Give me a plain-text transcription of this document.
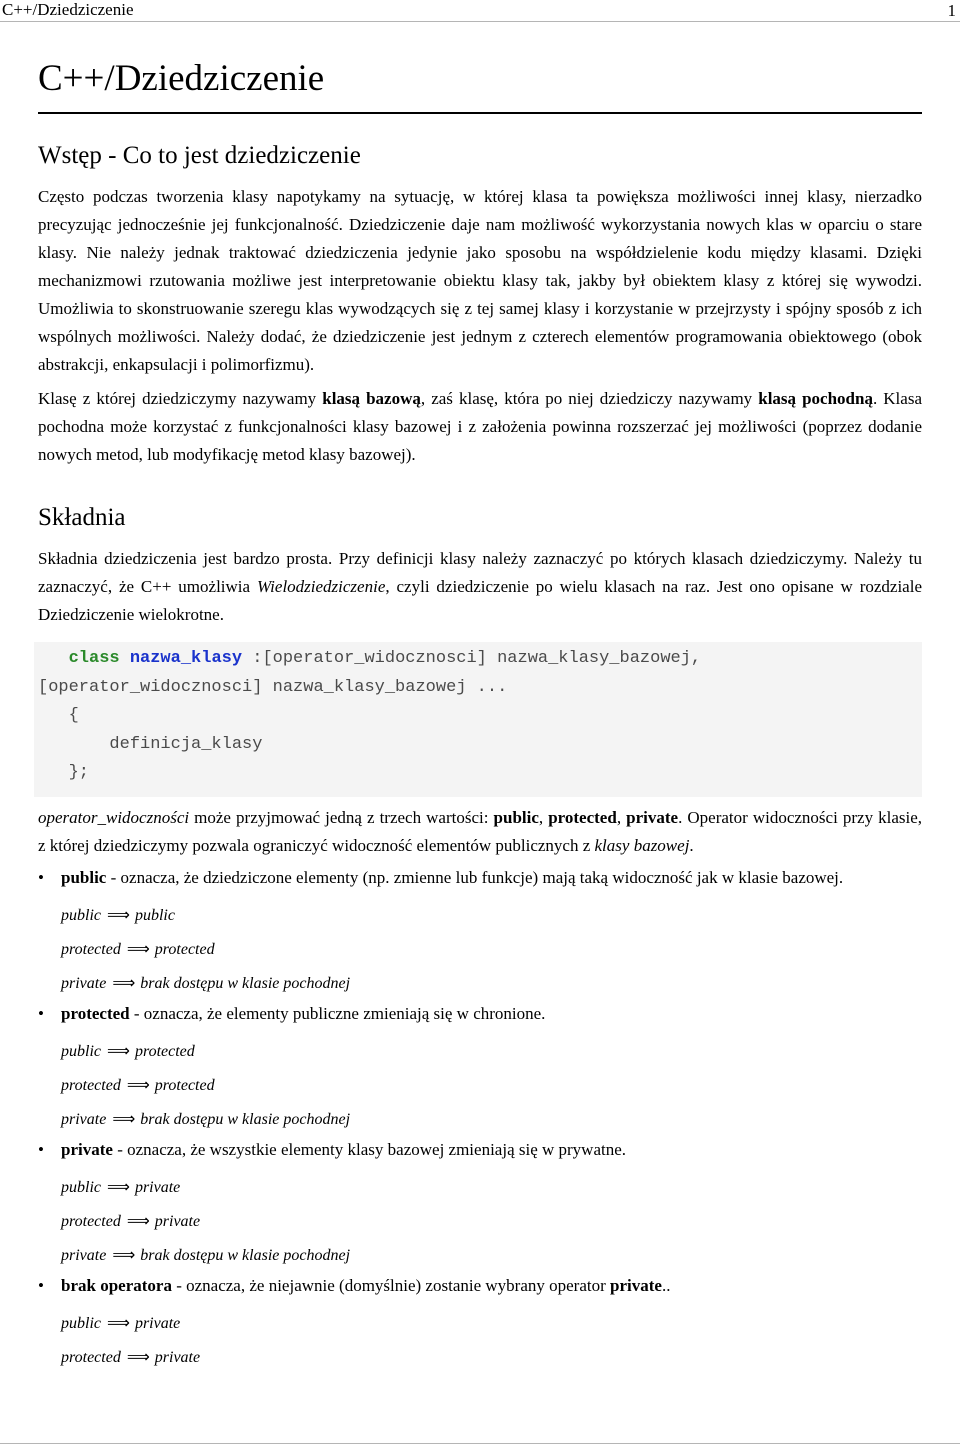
C++/Dziedziczenie	1
C++/Dziedziczenie
Wstęp - Co to jest dziedziczenie

Często podczas tworzenia klasy napotykamy na sytuację, w której klasa ta powiększa możliwości innej klasy, nierzadko precyzując jednocześnie jej funkcjonalność. Dziedziczenie daje nam możliwość wykorzystania nowych klas w oparciu o stare klasy. Nie należy jednak traktować dziedziczenia jedynie jako sposobu na współdzielenie kodu między klasami. Dzięki mechanizmowi rzutowania możliwe jest interpretowanie obiektu klasy tak, jakby był obiektem klasy z której się wywodzi. Umożliwia to skonstruowanie szeregu klas wywodzących się z tej samej klasy i korzystanie w przejrzysty i spójny sposób z ich wspólnych możliwości. Należy dodać, że dziedziczenie jest jednym z czterech elementów programowania obiektowego (obok abstrakcji, enkapsulacji i polimorfizmu).

Klasę z której dziedziczymy nazywamy klasą bazową, zaś klasę, która po niej dziedziczy nazywamy klasą pochodną. Klasa pochodna może korzystać z funkcjonalności klasy bazowej i z założenia powinna rozszerzać jej możliwości (poprzez dodanie nowych metod, lub modyfikację metod klasy bazowej).

Składnia

Składnia dziedziczenia jest bardzo prosta. Przy definicji klasy należy zaznaczyć po których klasach dziedziczymy. Należy tu zaznaczyć, że C++ umożliwia Wielodziedziczenie, czyli dziedziczenie po wielu klasach na raz. Jest ono opisane w rozdziale Dziedziczenie wielokrotne.

class nazwa_klasy :[operator_widocznosci] nazwa_klasy_bazowej,
[operator_widocznosci] nazwa_klasy_bazowej ...
{
definicja_klasy
};

operator_widoczności może przyjmować jedną z trzech wartości: public, protected, private. Operator widoczności przy klasie, z której dziedziczymy pozwala ograniczyć widoczność elementów publicznych z klasy bazowej.

• public - oznacza, że dziedziczone elementy (np. zmienne lub funkcje) mają taką widoczność jak w klasie bazowej.
public ⟹ public
protected ⟹ protected
private ⟹ brak dostępu w klasie pochodnej
• protected - oznacza, że elementy publiczne zmieniają się w chronione.
public ⟹ protected
protected ⟹ protected
private ⟹ brak dostępu w klasie pochodnej
• private - oznacza, że wszystkie elementy klasy bazowej zmieniają się w prywatne.
public ⟹ private
protected ⟹ private
private ⟹ brak dostępu w klasie pochodnej
• brak operatora - oznacza, że niejawnie (domyślnie) zostanie wybrany operator private..
public ⟹ private
protected ⟹ private
